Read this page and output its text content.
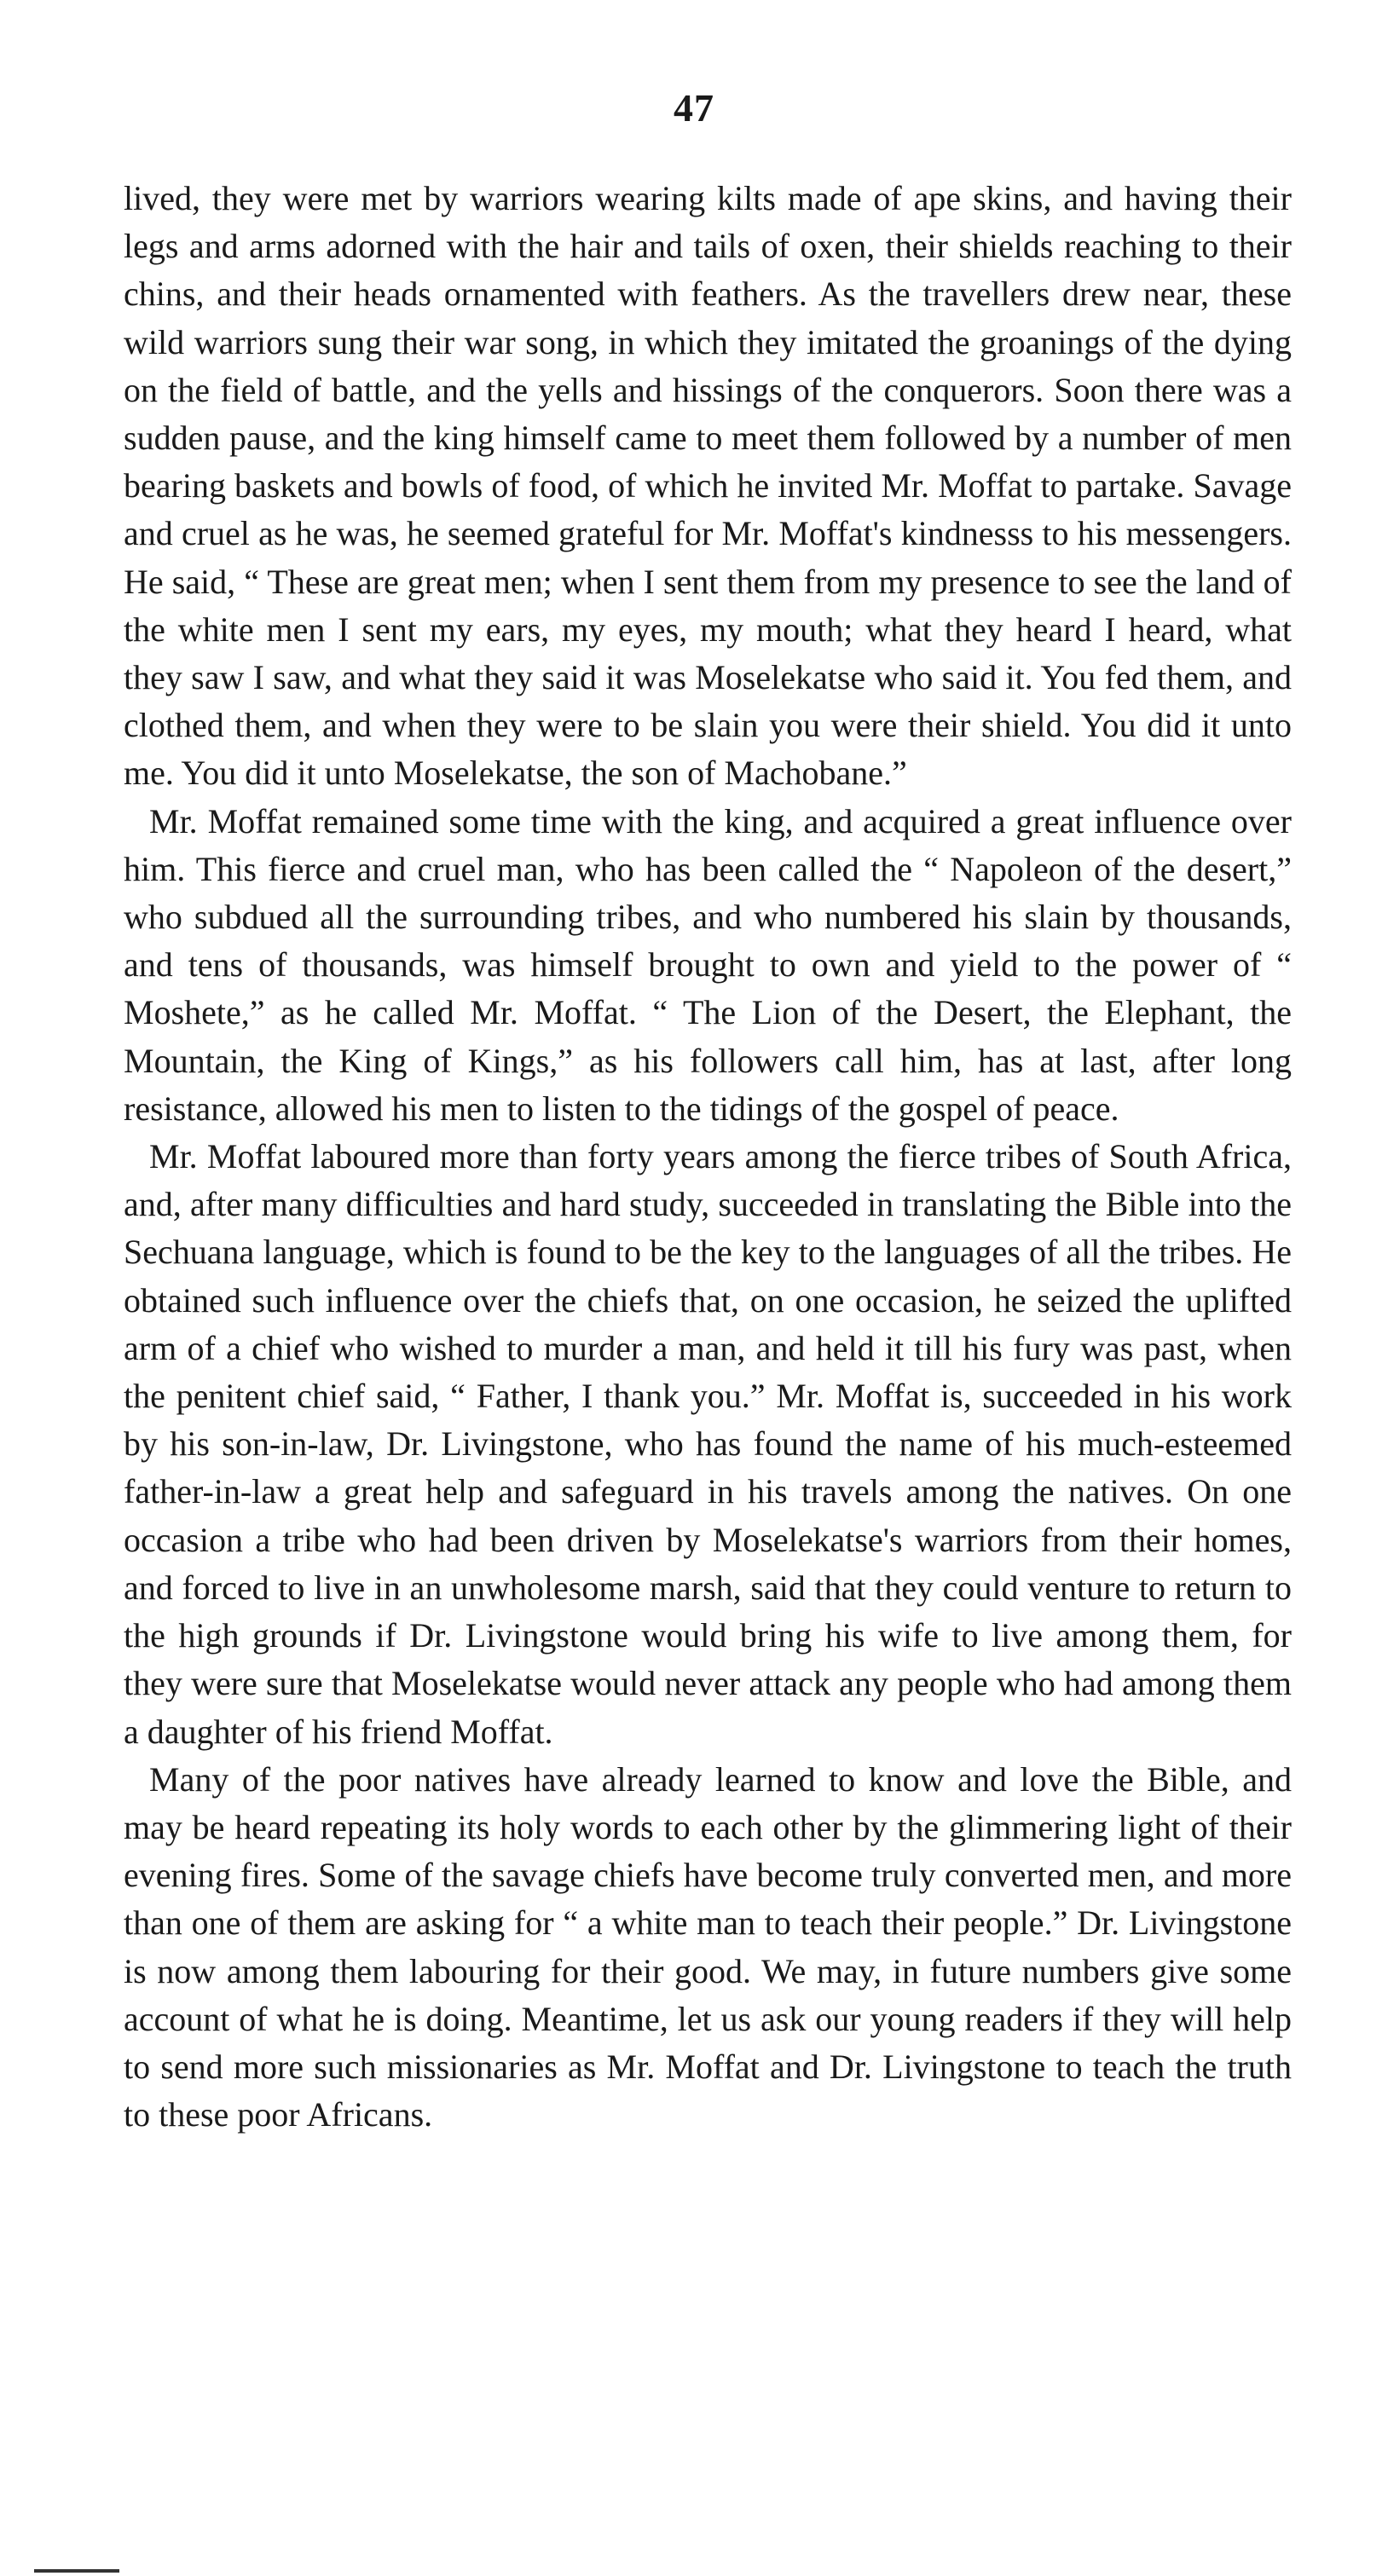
47

lived, they were met by warriors wearing kilts made of ape skins, and having their legs and arms adorned with the hair and tails of oxen, their shields reaching to their chins, and their heads ornamented with feathers. As the travellers drew near, these wild warriors sung their war song, in which they imitated the groanings of the dying on the field of battle, and the yells and hissings of the conquerors. Soon there was a sudden pause, and the king himself came to meet them followed by a number of men bearing baskets and bowls of food, of which he invited Mr. Moffat to partake. Savage and cruel as he was, he seemed grateful for Mr. Moffat's kindnesss to his messengers. He said, “ These are great men; when I sent them from my presence to see the land of the white men I sent my ears, my eyes, my mouth; what they heard I heard, what they saw I saw, and what they said it was Moselekatse who said it. You fed them, and clothed them, and when they were to be slain you were their shield. You did it unto me. You did it unto Moselekatse, the son of Machobane.”

Mr. Moffat remained some time with the king, and acquired a great influence over him. This fierce and cruel man, who has been called the “ Napoleon of the desert,” who subdued all the surrounding tribes, and who numbered his slain by thousands, and tens of thousands, was himself brought to own and yield to the power of “ Moshete,” as he called Mr. Moffat. “ The Lion of the Desert, the Elephant, the Mountain, the King of Kings,” as his followers call him, has at last, after long resistance, allowed his men to listen to the tidings of the gospel of peace.

Mr. Moffat laboured more than forty years among the fierce tribes of South Africa, and, after many difficulties and hard study, succeeded in translating the Bible into the Sechuana language, which is found to be the key to the languages of all the tribes. He obtained such influence over the chiefs that, on one occasion, he seized the uplifted arm of a chief who wished to murder a man, and held it till his fury was past, when the penitent chief said, “ Father, I thank you.” Mr. Moffat is, succeeded in his work by his son-in-law, Dr. Livingstone, who has found the name of his much-esteemed father-in-law a great help and safeguard in his travels among the natives. On one occasion a tribe who had been driven by Moselekatse's warriors from their homes, and forced to live in an unwholesome marsh, said that they could venture to return to the high grounds if Dr. Livingstone would bring his wife to live among them, for they were sure that Moselekatse would never attack any people who had among them a daughter of his friend Moffat.

Many of the poor natives have already learned to know and love the Bible, and may be heard repeating its holy words to each other by the glimmering light of their evening fires. Some of the savage chiefs have become truly converted men, and more than one of them are asking for “ a white man to teach their people.” Dr. Livingstone is now among them labouring for their good. We may, in future numbers give some account of what he is doing. Meantime, let us ask our young readers if they will help to send more such missionaries as Mr. Moffat and Dr. Livingstone to teach the truth to these poor Africans.
